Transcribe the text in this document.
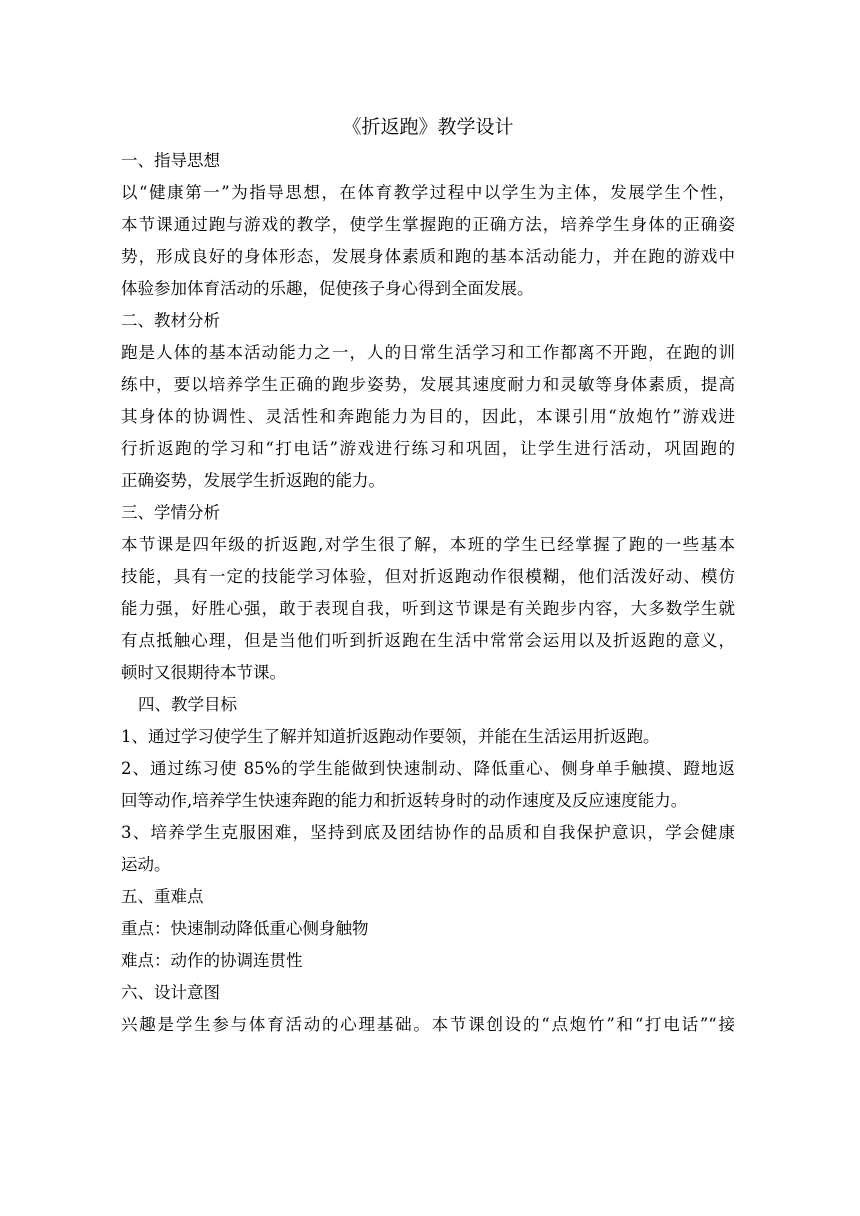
《折返跑》教学设计
一、指导思想
以“健康第一”为指导思想，在体育教学过程中以学生为主体，发展学生个性，
本节课通过跑与游戏的教学，使学生掌握跑的正确方法，培养学生身体的正确姿
势，形成良好的身体形态，发展身体素质和跑的基本活动能力，并在跑的游戏中
体验参加体育活动的乐趣，促使孩子身心得到全面发展。
二、教材分析
跑是人体的基本活动能力之一，人的日常生活学习和工作都离不开跑，在跑的训
练中，要以培养学生正确的跑步姿势，发展其速度耐力和灵敏等身体素质，提高
其身体的协调性、灵活性和奔跑能力为目的，因此，本课引用“放炮竹”游戏进
行折返跑的学习和“打电话”游戏进行练习和巩固，让学生进行活动，巩固跑的
正确姿势，发展学生折返跑的能力。
三、学情分析
本节课是四年级的折返跑,对学生很了解，本班的学生已经掌握了跑的一些基本
技能，具有一定的技能学习体验，但对折返跑动作很模糊，他们活泼好动、模仿
能力强，好胜心强，敢于表现自我，听到这节课是有关跑步内容，大多数学生就
有点抵触心理，但是当他们听到折返跑在生活中常常会运用以及折返跑的意义，
顿时又很期待本节课。
四、教学目标
1、通过学习使学生了解并知道折返跑动作要领，并能在生活运用折返跑。
2、通过练习使 85%的学生能做到快速制动、降低重心、侧身单手触摸、蹬地返
回等动作,培养学生快速奔跑的能力和折返转身时的动作速度及反应速度能力。
3、培养学生克服困难，坚持到底及团结协作的品质和自我保护意识，学会健康
运动。
五、重难点
重点：快速制动降低重心侧身触物
难点：动作的协调连贯性
六、设计意图
兴趣是学生参与体育活动的心理基础。本节课创设的“点炮竹”和“打电话”“接
